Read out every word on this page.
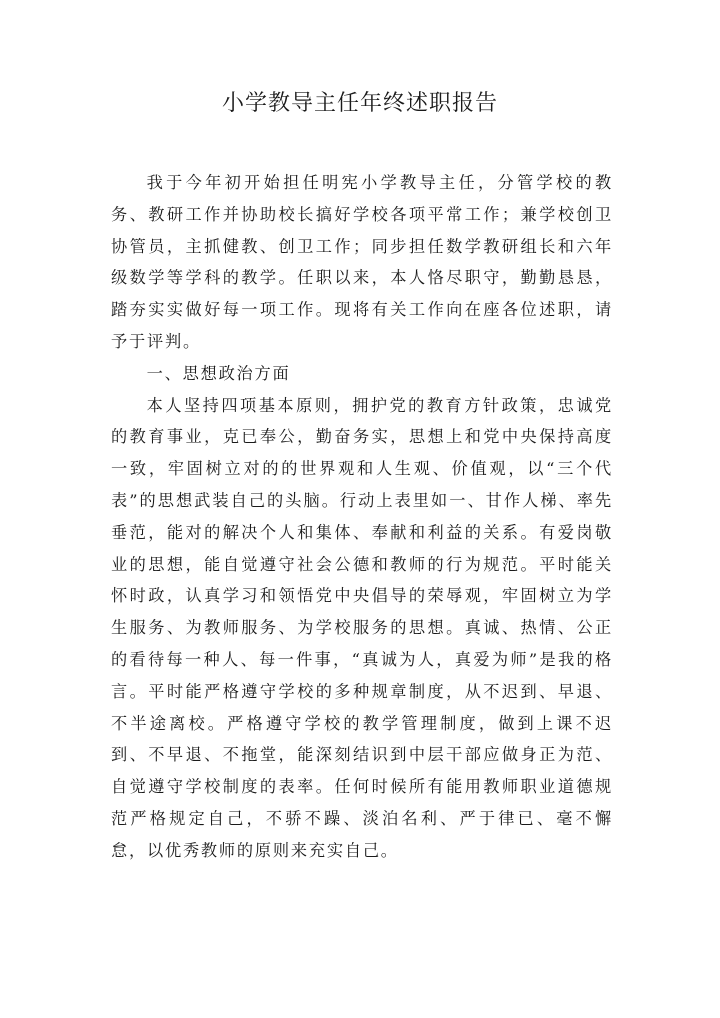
小学教导主任年终述职报告

我于今年初开始担任明宪小学教导主任，分管学校的教务、教研工作并协助校长搞好学校各项平常工作；兼学校创卫协管员，主抓健教、创卫工作；同步担任数学教研组长和六年级数学等学科的教学。任职以来，本人恪尽职守，勤勤恳恳，踏夯实实做好每一项工作。现将有关工作向在座各位述职，请予于评判。

一、思想政治方面

本人坚持四项基本原则，拥护党的教育方针政策，忠诚党的教育事业，克已奉公，勤奋务实，思想上和党中央保持高度一致，牢固树立对的的世界观和人生观、价值观，以“三个代表”的思想武装自己的头脑。行动上表里如一、甘作人梯、率先垂范，能对的解决个人和集体、奉献和利益的关系。有爱岗敬业的思想，能自觉遵守社会公德和教师的行为规范。平时能关怀时政，认真学习和领悟党中央倡导的荣辱观，牢固树立为学生服务、为教师服务、为学校服务的思想。真诚、热情、公正的看待每一种人、每一件事，“真诚为人，真爱为师”是我的格言。平时能严格遵守学校的多种规章制度，从不迟到、早退、不半途离校。严格遵守学校的教学管理制度，做到上课不迟到、不早退、不拖堂，能深刻结识到中层干部应做身正为范、自觉遵守学校制度的表率。任何时候所有能用教师职业道德规范严格规定自己，不骄不躁、淡泊名利、严于律已、毫不懈怠，以优秀教师的原则来充实自己。
